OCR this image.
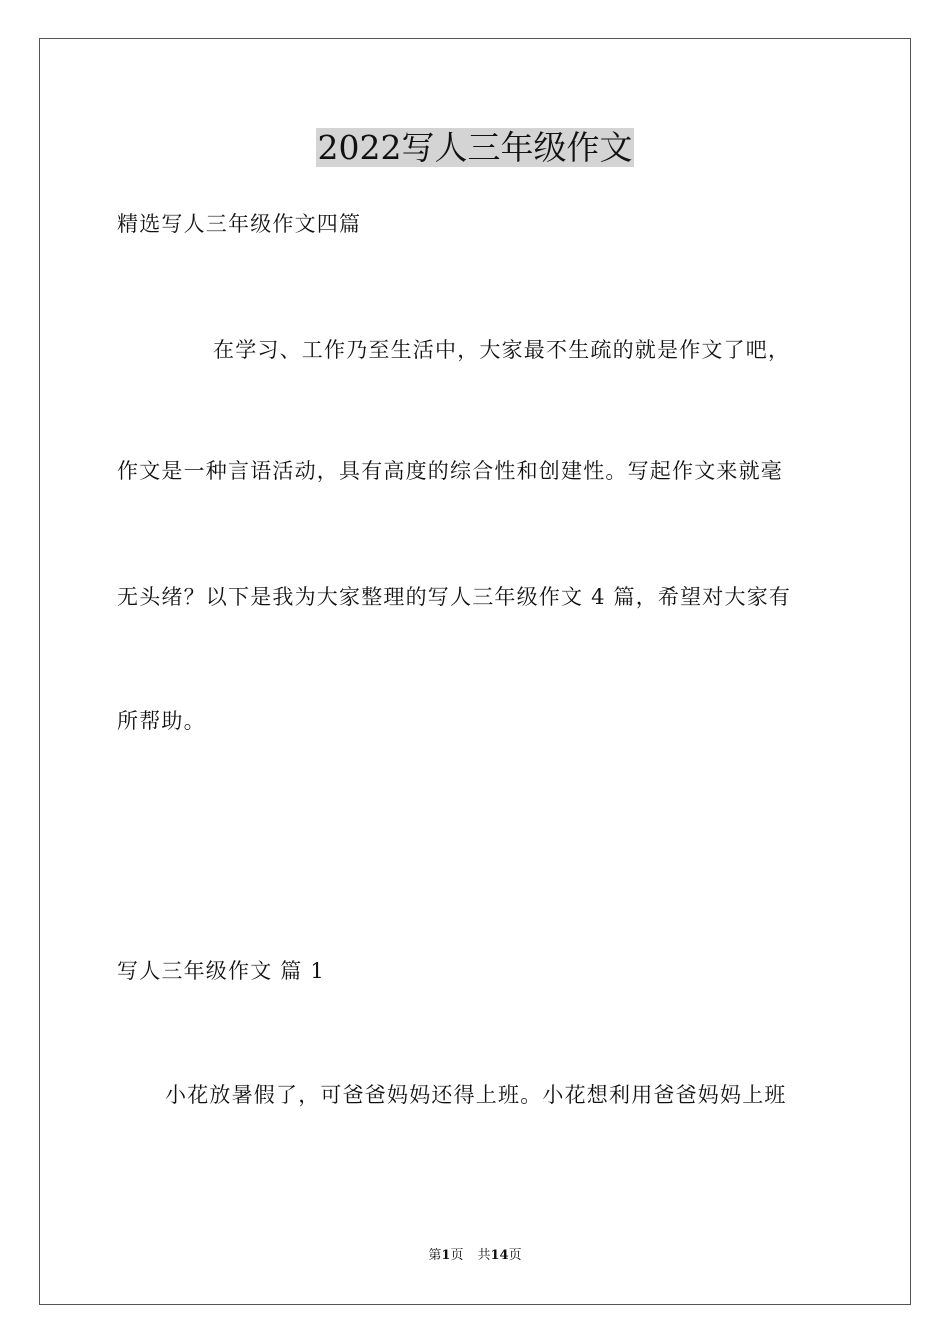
2022写人三年级作文

精选写人三年级作文四篇

在学习、工作乃至生活中，大家最不生疏的就是作文了吧，

作文是一种言语活动，具有高度的综合性和创建性。写起作文来就毫

无头绪？以下是我为大家整理的写人三年级作文 4 篇，希望对大家有

所帮助。

写人三年级作文 篇 1

小花放暑假了，可爸爸妈妈还得上班。小花想利用爸爸妈妈上班

第1页 共14页
